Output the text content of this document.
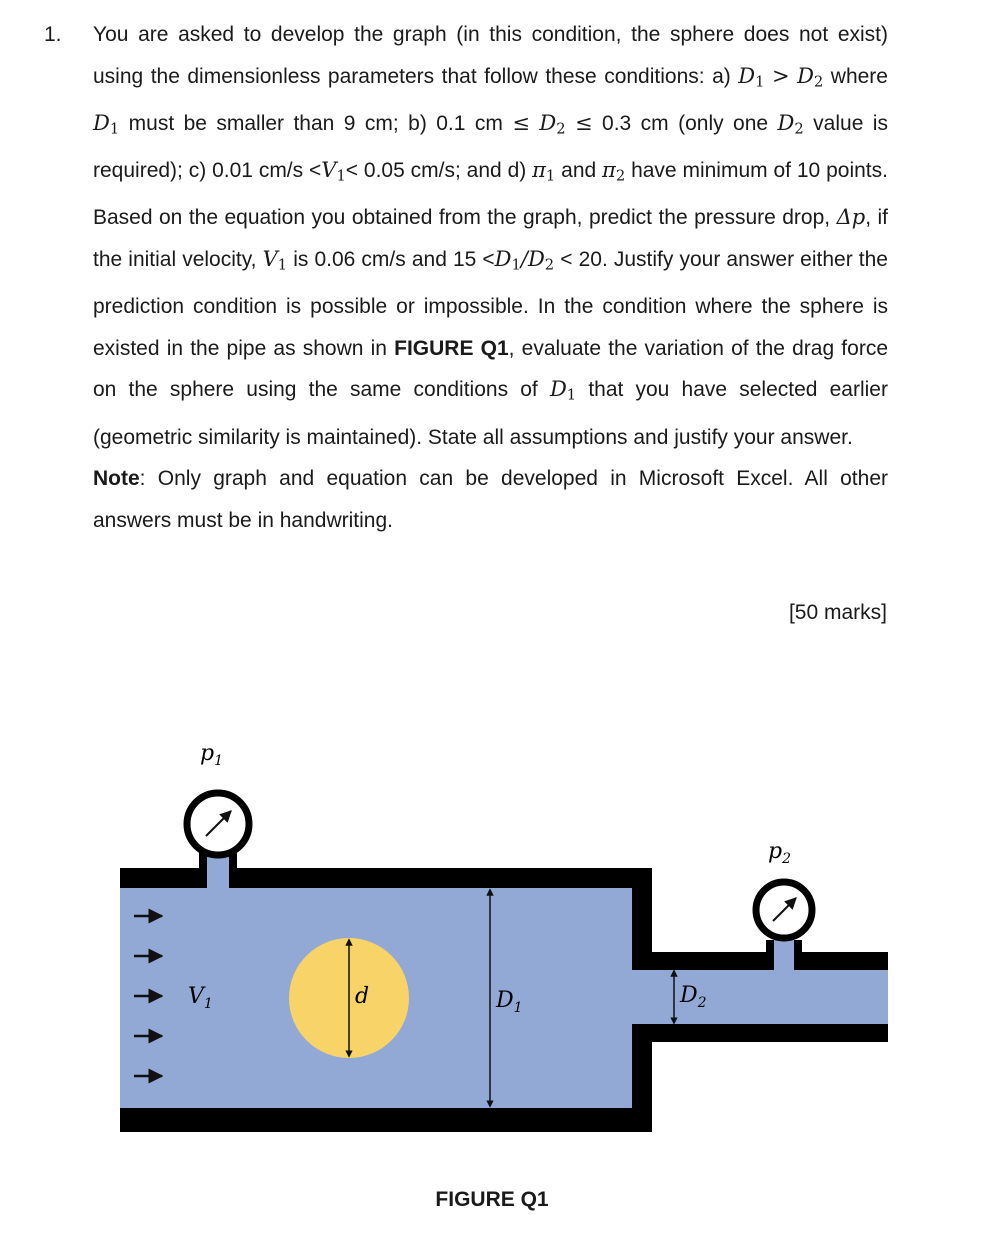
1. You are asked to develop the graph (in this condition, the sphere does not exist) using the dimensionless parameters that follow these conditions: a) $D_1 > D_2$ where $D_1$ must be smaller than 9 cm; b) 0.1 cm ≤ $D_2 \le 0.3$ cm (only one $D_2$ value is required); c) 0.01 $cm/s <V_1< 0.05$ cm/s; and d) $\pi_1$ and $\pi_2$ have minimum of 10 points. Based on the equation you obtained from the graph, predict the pressure drop, Δp, if the initial velocity, $V_1$ is 0.06 cm/s and $15 <D_1/D_2 < 20$. Justify your answer either the prediction condition is possible or impossible. In the condition where the sphere is existed in the pipe as shown in FIGURE Q1, evaluate the variation of the drag force on the sphere using the same conditions of $D_1$ that you have selected earlier (geometric similarity is maintained). State all assumptions and justify your answer.

Note: Only graph and equation can be developed in Microsoft Excel. All other answers must be in handwriting.

[50 marks]
$p_1$
$p_2$
$V_1$	d	$D_1$	$D_2$
FIGURE Q1
